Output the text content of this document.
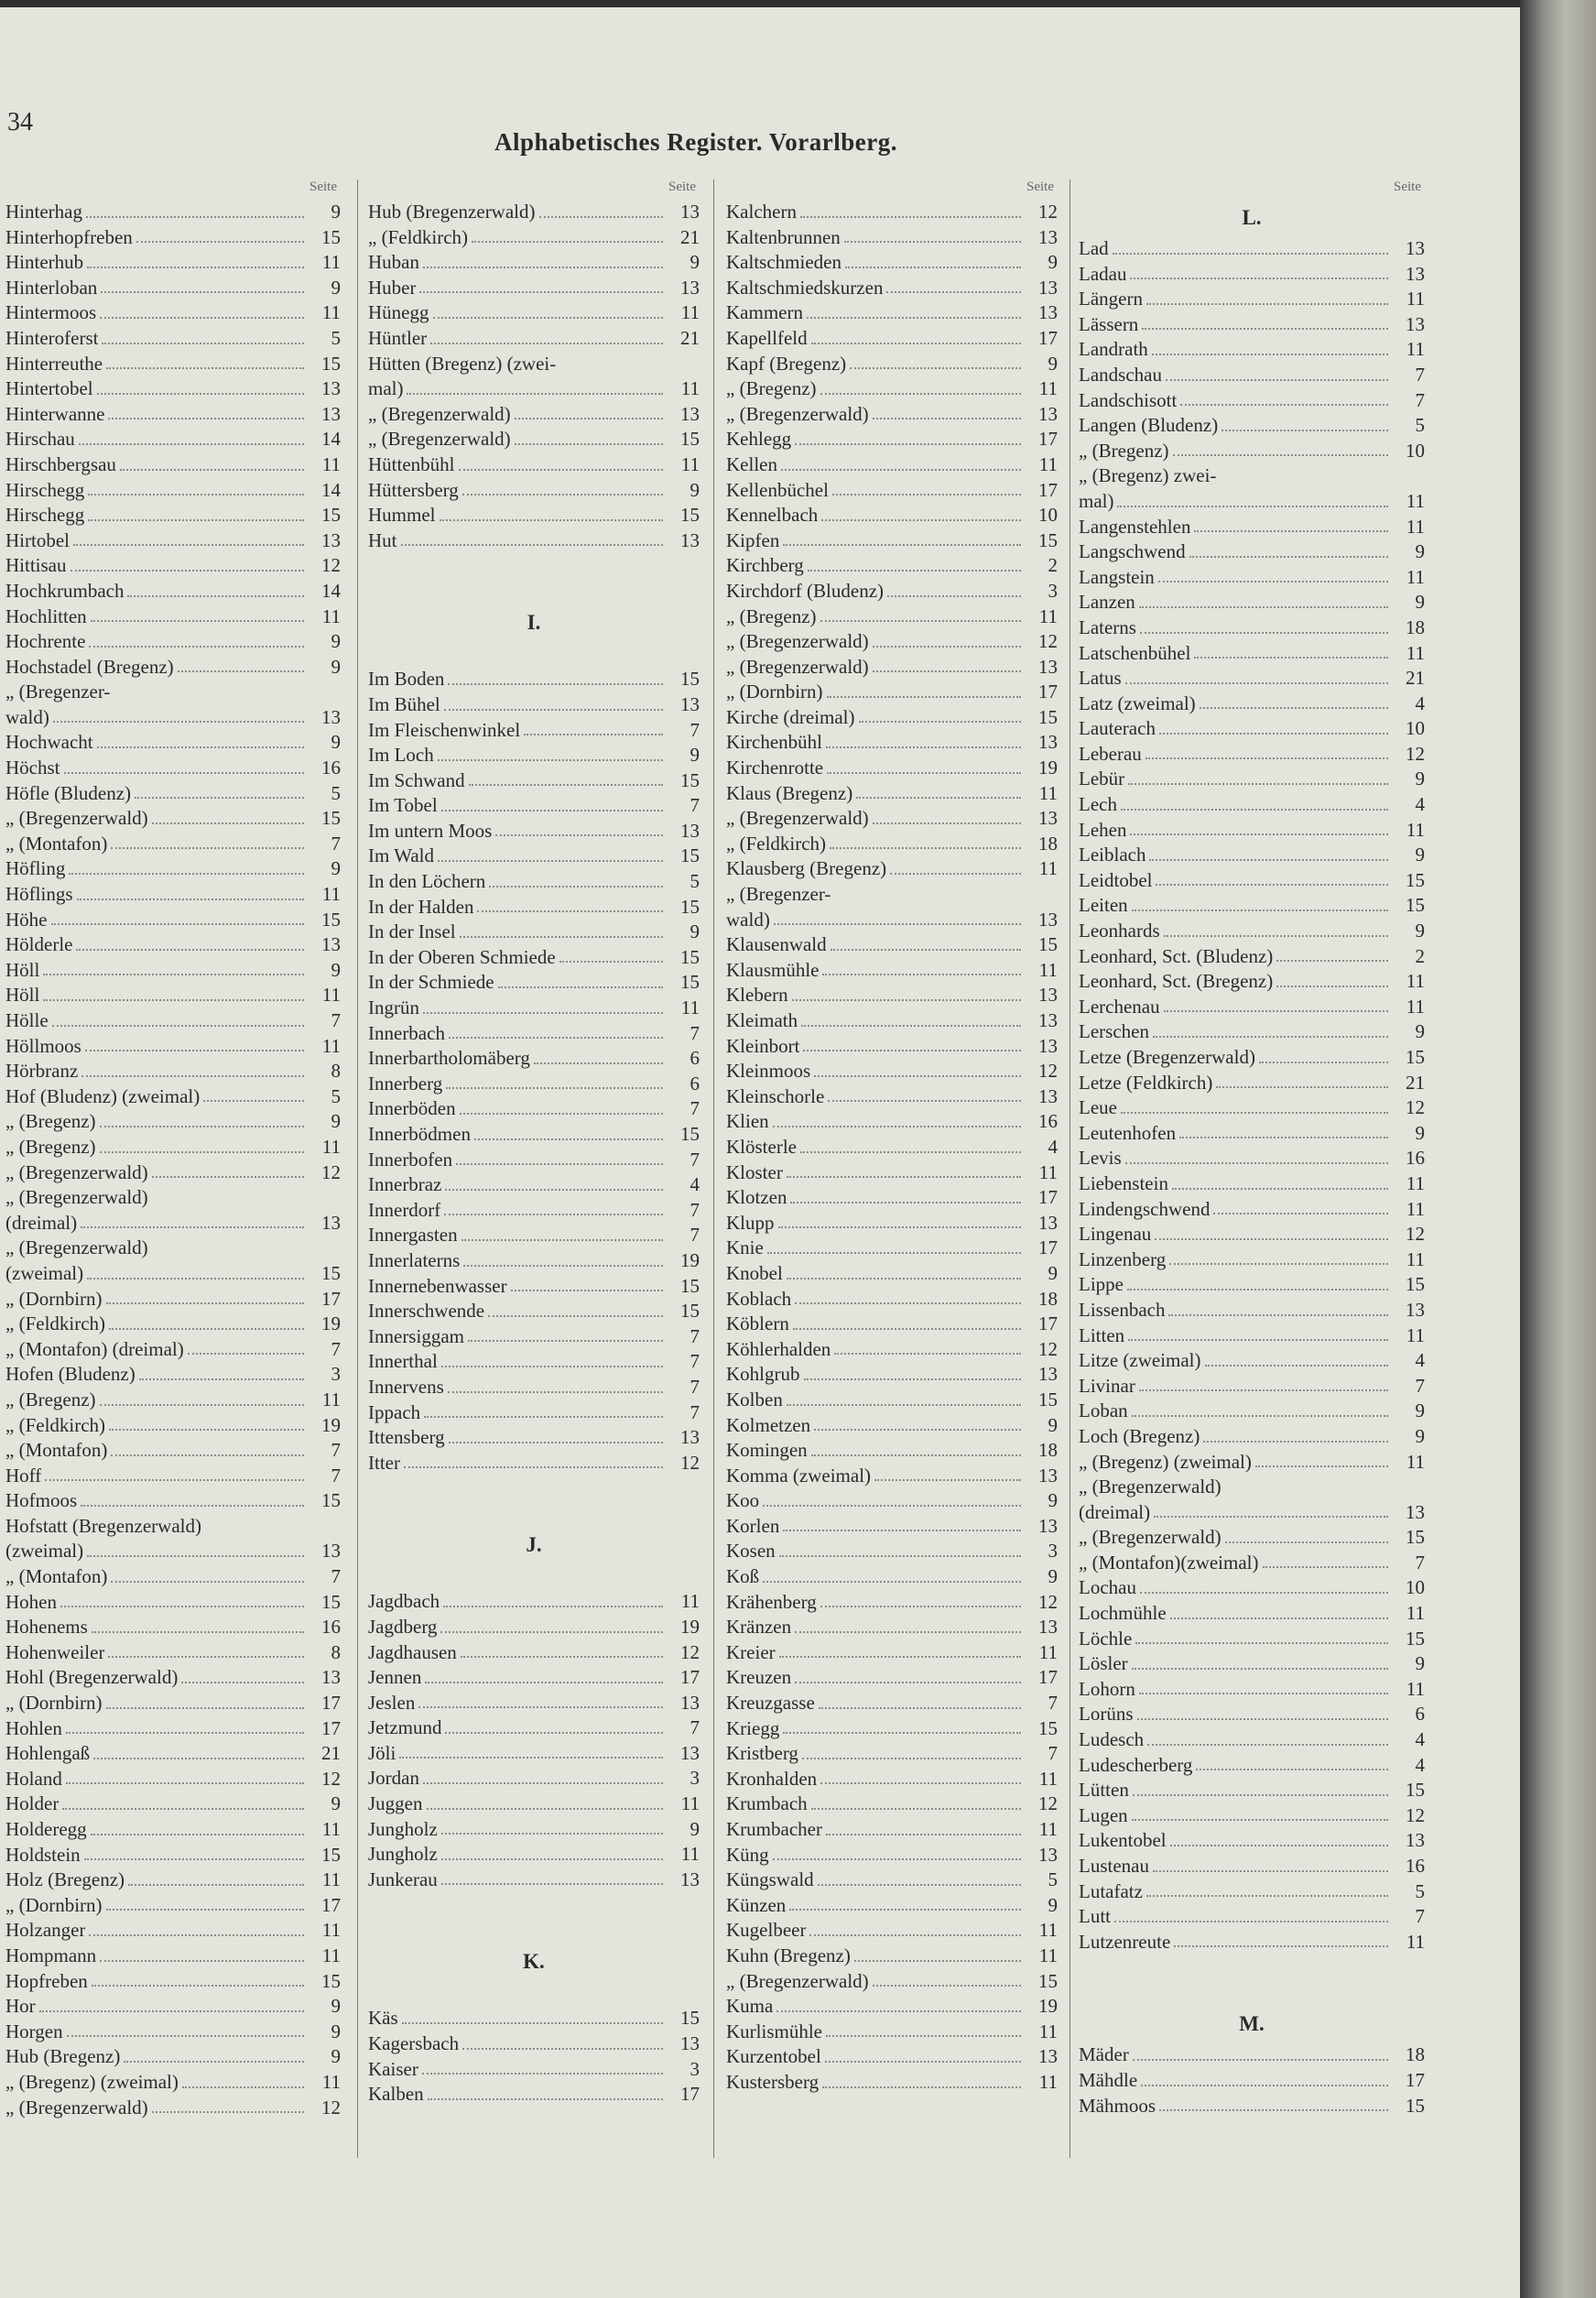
34
Alphabetisches Register. Vorarlberg.
Seite
Hinterhag	9
Hinterhopfreben	15
Hinterhub	11
Hinterloban	9
Hintermoos	11
Hinteroferst	5
Hinterreuthe	15
Hintertobel	13
Hinterwanne	13
Hirschau	14
Hirschbergsau	11
Hirschegg	14
Hirschegg	15
Hirtobel	13
Hittisau	12
Hochkrumbach	14
Hochlitten	11
Hochrente	9
Hochstadel (Bregenz)	9
„ (Bregenzer-
wald)	13
Hochwacht	9
Höchst	16
Höfle (Bludenz)	5
„ (Bregenzerwald)	15
„ (Montafon)	7
Höfling	9
Höflings	11
Höhe	15
Hölderle	13
Höll	9
Höll	11
Hölle	7
Höllmoos	11
Hörbranz	8
Hof (Bludenz) (zweimal)	5
„ (Bregenz)	9
„ (Bregenz)	11
„ (Bregenzerwald)	12
„ (Bregenzerwald)
(dreimal)	13
„ (Bregenzerwald)
(zweimal)	15
„ (Dornbirn)	17
„ (Feldkirch)	19
„ (Montafon) (dreimal)	7
Hofen (Bludenz)	3
„ (Bregenz)	11
„ (Feldkirch)	19
„ (Montafon)	7
Hoff	7
Hofmoos	15
Hofstatt (Bregenzerwald)
(zweimal)	13
„ (Montafon)	7
Hohen	15
Hohenems	16
Hohenweiler	8
Hohl (Bregenzerwald)	13
„ (Dornbirn)	17
Hohlen	17
Hohlengaß	21
Holand	12
Holder	9
Holderegg	11
Holdstein	15
Holz (Bregenz)	11
„ (Dornbirn)	17
Holzanger	11
Hompmann	11
Hopfreben	15
Hor	9
Horgen	9
Hub (Bregenz)	9
„ (Bregenz) (zweimal)	11
„ (Bregenzerwald)	12
Seite
Hub (Bregenzerwald)	13
„ (Feldkirch)	21
Huban	9
Huber	13
Hünegg	11
Hüntler	21
Hütten (Bregenz) (zwei-
mal)	11
„ (Bregenzerwald)	13
„ (Bregenzerwald)	15
Hüttenbühl	11
Hüttersberg	9
Hummel	15
Hut	13
I.
Im Boden	15
Im Bühel	13
Im Fleischenwinkel	7
Im Loch	9
Im Schwand	15
Im Tobel	7
Im untern Moos	13
Im Wald	15
In den Löchern	5
In der Halden	15
In der Insel	9
In der Oberen Schmiede	15
In der Schmiede	15
Ingrün	11
Innerbach	7
Innerbartholomäberg	6
Innerberg	6
Innerböden	7
Innerbödmen	15
Innerbofen	7
Innerbraz	4
Innerdorf	7
Innergasten	7
Innerlaterns	19
Innernebenwasser	15
Innerschwende	15
Innersiggam	7
Innerthal	7
Innervens	7
Ippach	7
Ittensberg	13
Itter	12
J.
Jagdbach	11
Jagdberg	19
Jagdhausen	12
Jennen	17
Jeslen	13
Jetzmund	7
Jöli	13
Jordan	3
Juggen	11
Jungholz	9
Jungholz	11
Junkerau	13
K.
Käs	15
Kagersbach	13
Kaiser	3
Kalben	17
Seite
Kalchern	12
Kaltenbrunnen	13
Kaltschmieden	9
Kaltschmiedskurzen	13
Kammern	13
Kapellfeld	17
Kapf (Bregenz)	9
„ (Bregenz)	11
„ (Bregenzerwald)	13
Kehlegg	17
Kellen	11
Kellenbüchel	17
Kennelbach	10
Kipfen	15
Kirchberg	2
Kirchdorf (Bludenz)	3
„ (Bregenz)	11
„ (Bregenzerwald)	12
„ (Bregenzerwald)	13
„ (Dornbirn)	17
Kirche (dreimal)	15
Kirchenbühl	13
Kirchenrotte	19
Klaus (Bregenz)	11
„ (Bregenzerwald)	13
„ (Feldkirch)	18
Klausberg (Bregenz)	11
„ (Bregenzer-
wald)	13
Klausenwald	15
Klausmühle	11
Klebern	13
Kleimath	13
Kleinbort	13
Kleinmoos	12
Kleinschorle	13
Klien	16
Klösterle	4
Kloster	11
Klotzen	17
Klupp	13
Knie	17
Knobel	9
Koblach	18
Köblern	17
Köhlerhalden	12
Kohlgrub	13
Kolben	15
Kolmetzen	9
Komingen	18
Komma (zweimal)	13
Koo	9
Korlen	13
Kosen	3
Koß	9
Krähenberg	12
Kränzen	13
Kreier	11
Kreuzen	17
Kreuzgasse	7
Kriegg	15
Kristberg	7
Kronhalden	11
Krumbach	12
Krumbacher	11
Küng	13
Küngswald	5
Künzen	9
Kugelbeer	11
Kuhn (Bregenz)	11
„ (Bregenzerwald)	15
Kuma	19
Kurlismühle	11
Kurzentobel	13
Kustersberg	11
Seite
L.
Lad	13
Ladau	13
Längern	11
Lässern	13
Landrath	11
Landschau	7
Landschisott	7
Langen (Bludenz)	5
„ (Bregenz)	10
„ (Bregenz) zwei-
mal)	11
Langenstehlen	11
Langschwend	9
Langstein	11
Lanzen	9
Laterns	18
Latschenbühel	11
Latus	21
Latz (zweimal)	4
Lauterach	10
Leberau	12
Lebür	9
Lech	4
Lehen	11
Leiblach	9
Leidtobel	15
Leiten	15
Leonhards	9
Leonhard, Sct. (Bludenz)	2
Leonhard, Sct. (Bregenz)	11
Lerchenau	11
Lerschen	9
Letze (Bregenzerwald)	15
Letze (Feldkirch)	21
Leue	12
Leutenhofen	9
Levis	16
Liebenstein	11
Lindengschwend	11
Lingenau	12
Linzenberg	11
Lippe	15
Lissenbach	13
Litten	11
Litze (zweimal)	4
Livinar	7
Loban	9
Loch (Bregenz)	9
„ (Bregenz) (zweimal)	11
„ (Bregenzerwald)
(dreimal)	13
„ (Bregenzerwald)	15
„ (Montafon)(zweimal)	7
Lochau	10
Lochmühle	11
Löchle	15
Lösler	9
Lohorn	11
Lorüns	6
Ludesch	4
Ludescherberg	4
Lütten	15
Lugen	12
Lukentobel	13
Lustenau	16
Lutafatz	5
Lutt	7
Lutzenreute	11
M.
Mäder	18
Mähdle	17
Mähmoos	15
